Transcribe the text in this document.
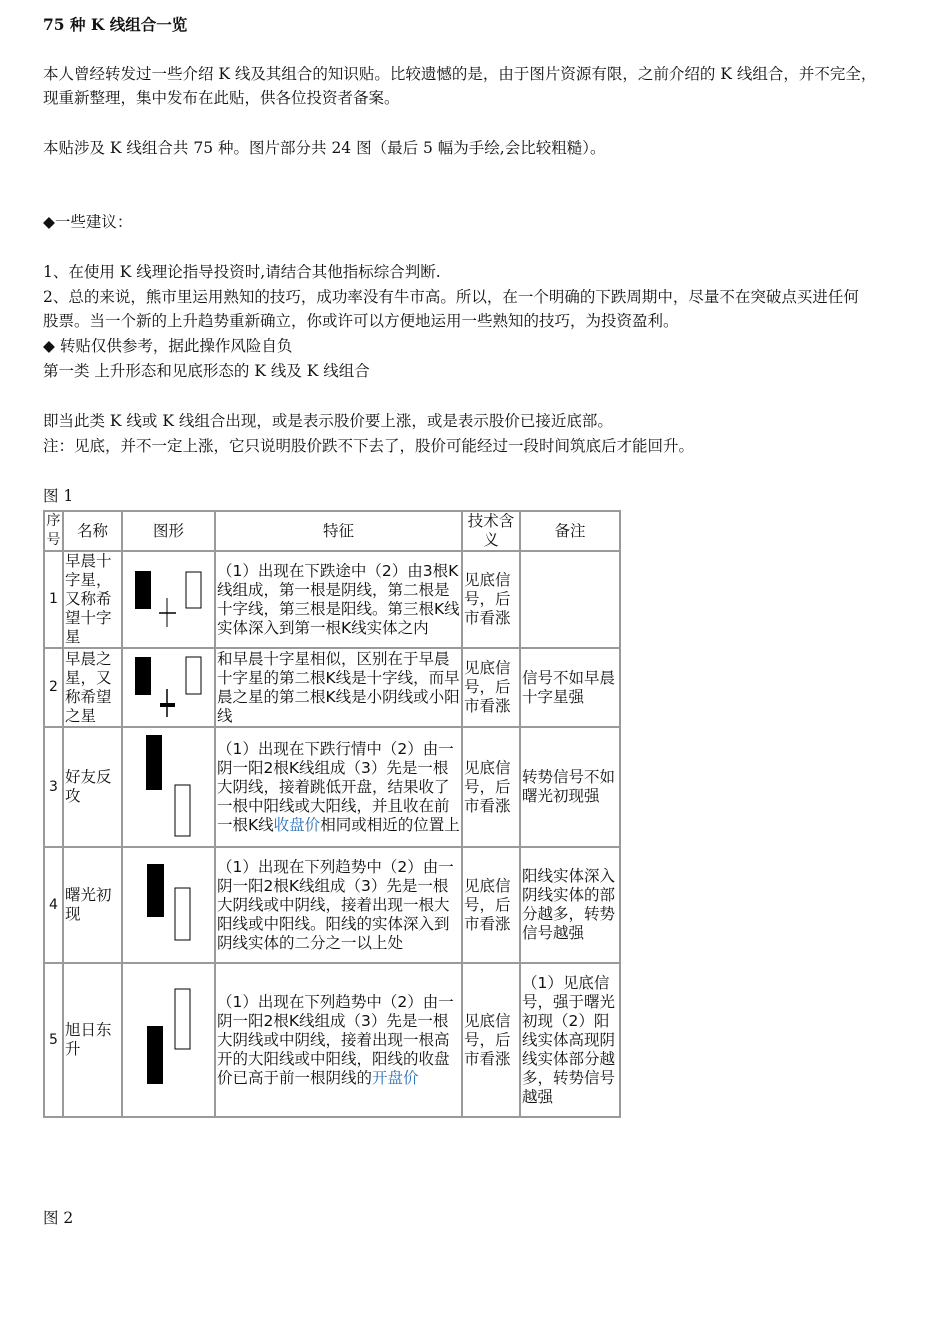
75 种 K 线组合一览
本人曾经转发过一些介绍 K 线及其组合的知识贴。比较遗憾的是，由于图片资源有限，之前介绍的 K 线组合，并不完全，
现重新整理，集中发布在此贴，供各位投资者备案。
本贴涉及 K 线组合共 75 种。图片部分共 24 图（最后 5 幅为手绘,会比较粗糙）。
◆一些建议：
1、在使用 K 线理论指导投资时,请结合其他指标综合判断.
2、总的来说，熊市里运用熟知的技巧，成功率没有牛市高。所以，在一个明确的下跌周期中，尽量不在突破点买进任何
股票。当一个新的上升趋势重新确立，你或许可以方便地运用一些熟知的技巧，为投资盈利。
◆ 转贴仅供参考，据此操作风险自负
第一类 上升形态和见底形态的 K 线及 K 线组合
即当此类 K 线或 K 线组合出现，或是表示股价要上涨，或是表示股价已接近底部。
注：见底，并不一定上涨，它只说明股价跌不下去了，股价可能经过一段时间筑底后才能回升。
图 1
图 2
序号	名称	图形	特征	技术含义	备注
1	早晨十字星，又称希望十字星		（1）出现在下跌途中（2）由3根K线组成，第一根是阴线，第二根是十字线，第三根是阳线。第三根K线实体深入到第一根K线实体之内	见底信号，后市看涨	
2	早晨之星，又称希望之星		和早晨十字星相似，区别在于早晨十字星的第二根K线是十字线，而早晨之星的第二根K线是小阴线或小阳线	见底信号，后市看涨	信号不如早晨十字星强
3	好友反攻		（1）出现在下跌行情中（2）由一阴一阳2根K线组成（3）先是一根大阴线，接着跳低开盘，结果收了一根中阳线或大阳线，并且收在前一根K线收盘价相同或相近的位置上	见底信号，后市看涨	转势信号不如曙光初现强
4	曙光初现		（1）出现在下列趋势中（2）由一阴一阳2根K线组成（3）先是一根大阴线或中阴线，接着出现一根大阳线或中阳线。阳线的实体深入到阴线实体的二分之一以上处	见底信号，后市看涨	阳线实体深入阴线实体的部分越多，转势信号越强
5	旭日东升		（1）出现在下列趋势中（2）由一阴一阳2根K线组成（3）先是一根大阴线或中阴线，接着出现一根高开的大阳线或中阳线，阳线的收盘价已高于前一根阴线的开盘价	见底信号，后市看涨	（1）见底信号，强于曙光 初现（2）阳线实体高现阴线实体部分越多，转势信号越强
